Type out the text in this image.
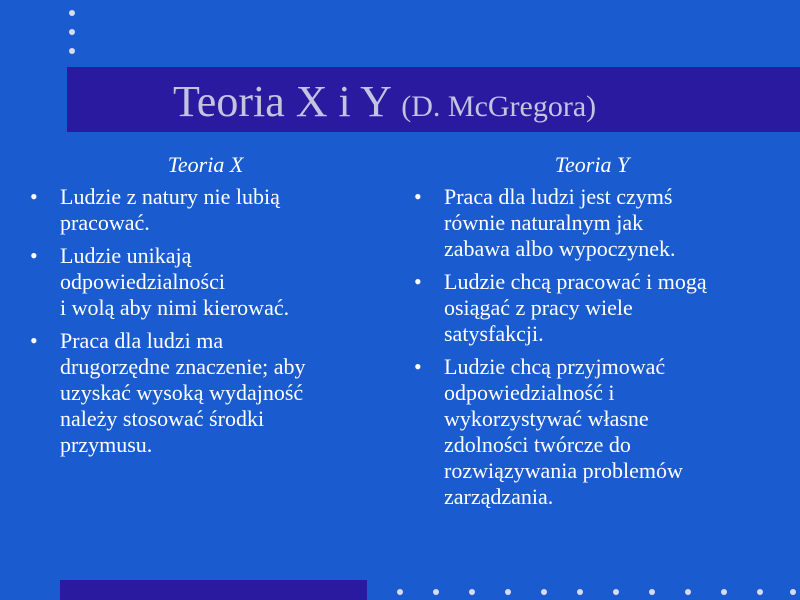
Teoria X i Y (D. McGregora)
Teoria X
• Ludzie z natury nie lubią
pracować.
• Ludzie unikają
odpowiedzialności
i wolą aby nimi kierować.
• Praca dla ludzi ma
drugorzędne znaczenie; aby
uzyskać wysoką wydajność
należy stosować środki
przymusu.
Teoria Y
• Praca dla ludzi jest czymś
równie naturalnym jak
zabawa albo wypoczynek.
• Ludzie chcą pracować i mogą
osiągać z pracy wiele
satysfakcji.
• Ludzie chcą przyjmować
odpowiedzialność i
wykorzystywać własne
zdolności twórcze do
rozwiązywania problemów
zarządzania.
